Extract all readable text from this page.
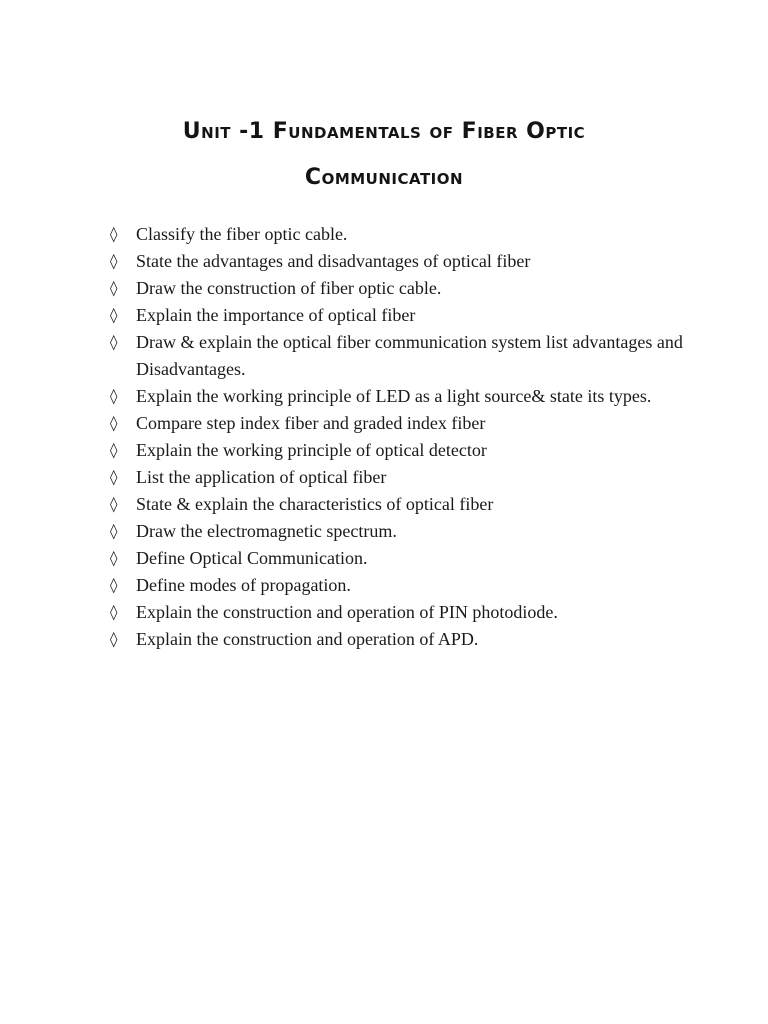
Unit -1 Fundamentals of Fiber Optic
Communication
◊ Classify the fiber optic cable.
◊ State the advantages and disadvantages of optical fiber
◊ Draw the construction of fiber optic cable.
◊ Explain the importance of optical fiber
◊ Draw & explain the optical fiber communication system list advantages and Disadvantages.
◊ Explain the working principle of LED as a light source& state its types.
◊ Compare step index fiber and graded index fiber
◊ Explain the working principle of optical detector
◊ List the application of optical fiber
◊ State & explain the characteristics of optical fiber
◊ Draw the electromagnetic spectrum.
◊ Define Optical Communication.
◊ Define modes of propagation.
◊ Explain the construction and operation of PIN photodiode.
◊ Explain the construction and operation of APD.
